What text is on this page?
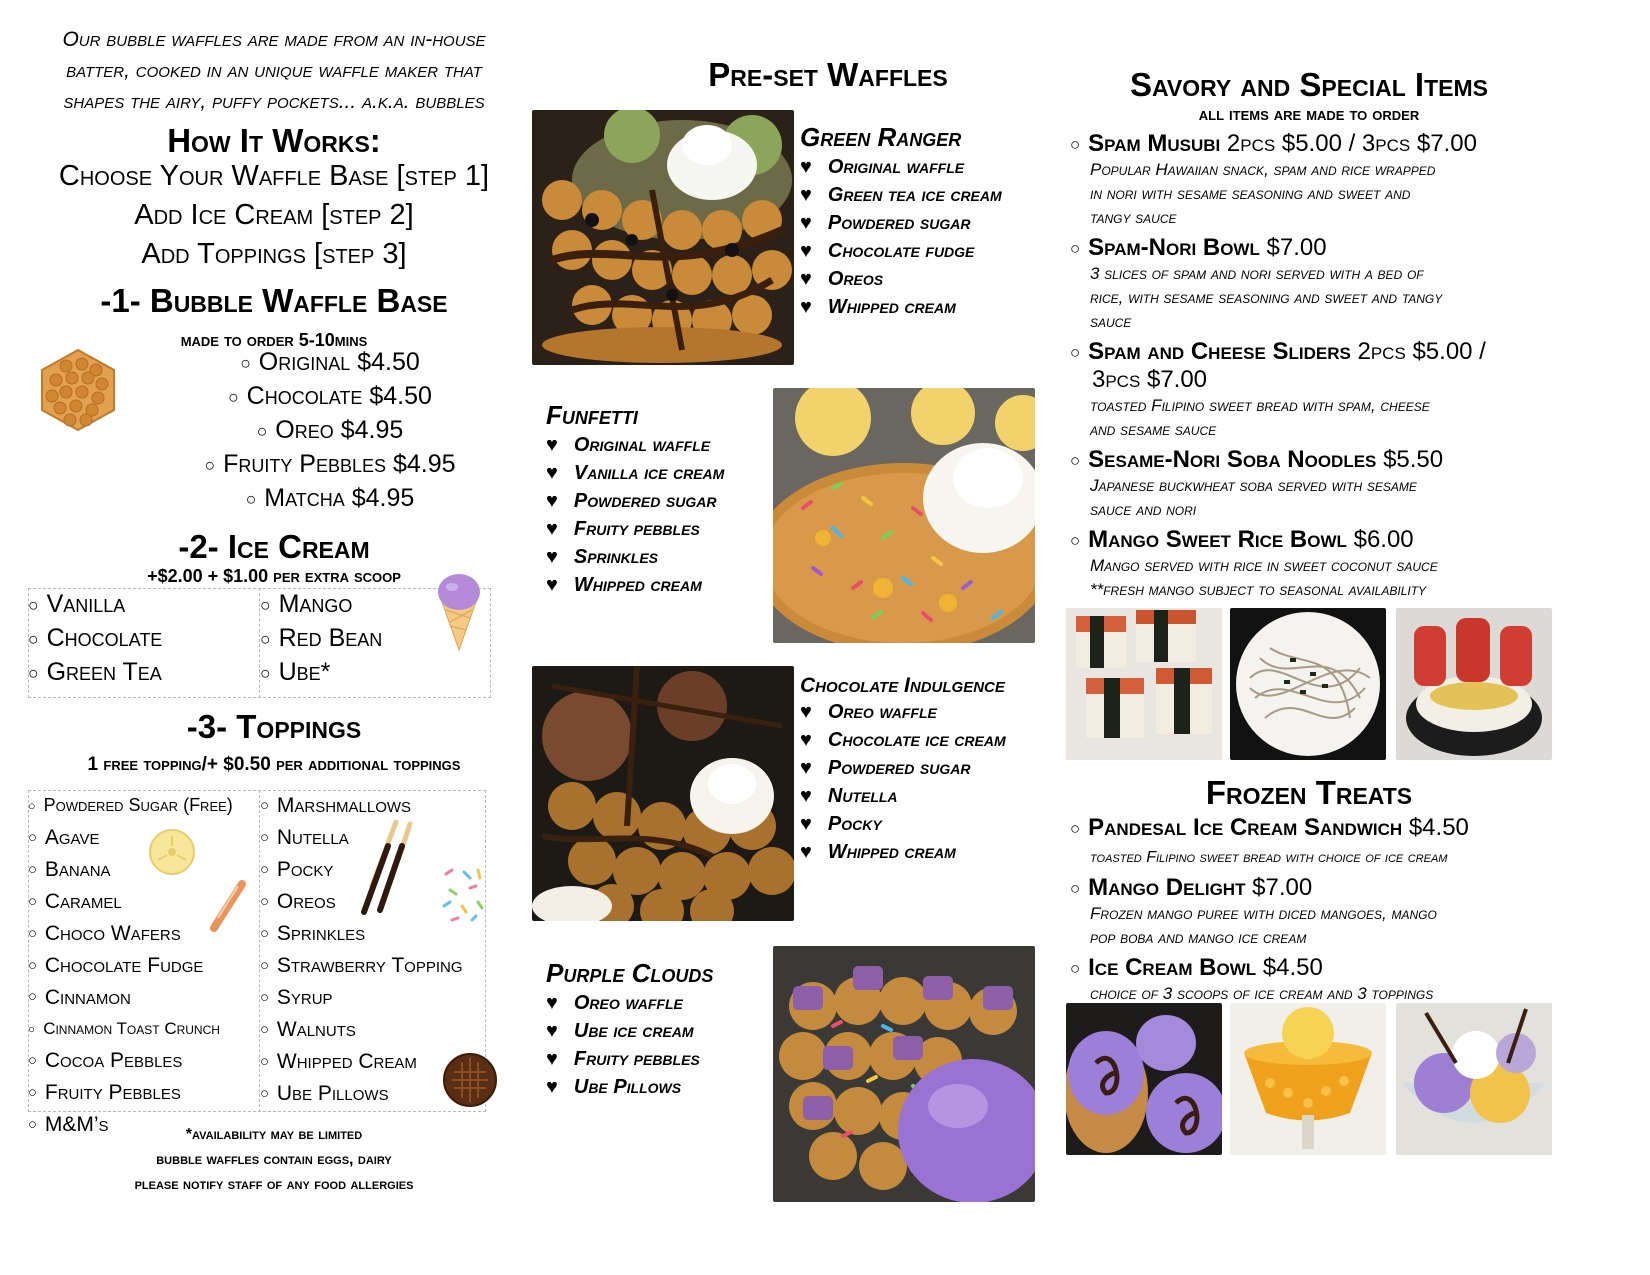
Our bubble waffles are made from an in-house
batter, cooked in an unique waffle maker that
shapes the airy, puffy pockets... a.k.a. bubbles
How It Works:
Choose Your Waffle Base [step 1]
Add Ice Cream [step 2]
Add Toppings [step 3]
-1- Bubble Waffle Base
made to order 5-10mins
○ Original $4.50
○ Chocolate $4.50
○ Oreo $4.95
○ Fruity Pebbles $4.95
○ Matcha $4.95
-2- Ice Cream
+$2.00 + $1.00 per extra scoop
○ Vanilla
○ Chocolate
○ Green Tea
○ Mango
○ Red Bean
○ Ube*
-3- Toppings
1 free topping/+ $0.50 per additional toppings
○ Powdered Sugar (Free)
○ Agave
○ Banana
○ Caramel
○ Choco Wafers
○ Chocolate Fudge
○ Cinnamon
○ Cinnamon Toast Crunch
○ Cocoa Pebbles
○ Fruity Pebbles
○ M&M’s
○ Marshmallows
○ Nutella
○ Pocky
○ Oreos
○ Sprinkles
○ Strawberry Topping
○ Syrup
○ Walnuts
○ Whipped Cream
○ Ube Pillows
*availability may be limited
bubble waffles contain eggs, dairy
please notify staff of any food allergies
Pre-set Waffles
Green Ranger
♥ Original waffle
♥ Green tea ice cream
♥ Powdered sugar
♥ Chocolate fudge
♥ Oreos
♥ Whipped cream
Funfetti
♥ Original waffle
♥ Vanilla ice cream
♥ Powdered sugar
♥ Fruity pebbles
♥ Sprinkles
♥ Whipped cream
Chocolate Indulgence
♥ Oreo waffle
♥ Chocolate ice cream
♥ Powdered sugar
♥ Nutella
♥ Pocky
♥ Whipped cream
Purple Clouds
♥ Oreo waffle
♥ Ube ice cream
♥ Fruity pebbles
♥ Ube Pillows
Savory and Special Items
all items are made to order
○ Spam Musubi 2pcs $5.00 / 3pcs $7.00
Popular Hawaiian snack, spam and rice wrapped
in nori with sesame seasoning and sweet and
tangy sauce
○ Spam-Nori Bowl $7.00
3 slices of spam and nori served with a bed of
rice, with sesame seasoning and sweet and tangy
sauce
○ Spam and Cheese Sliders 2pcs $5.00 /
3pcs $7.00
toasted Filipino sweet bread with spam, cheese
and sesame sauce
○ Sesame-Nori Soba Noodles $5.50
Japanese buckwheat soba served with sesame
sauce and nori
○ Mango Sweet Rice Bowl $6.00
Mango served with rice in sweet coconut sauce
**fresh mango subject to seasonal availability
Frozen Treats
○ Pandesal Ice Cream Sandwich $4.50
toasted Filipino sweet bread with choice of ice cream
○ Mango Delight $7.00
Frozen mango puree with diced mangoes, mango
pop boba and mango ice cream
○ Ice Cream Bowl $4.50
choice of 3 scoops of ice cream and 3 toppings
